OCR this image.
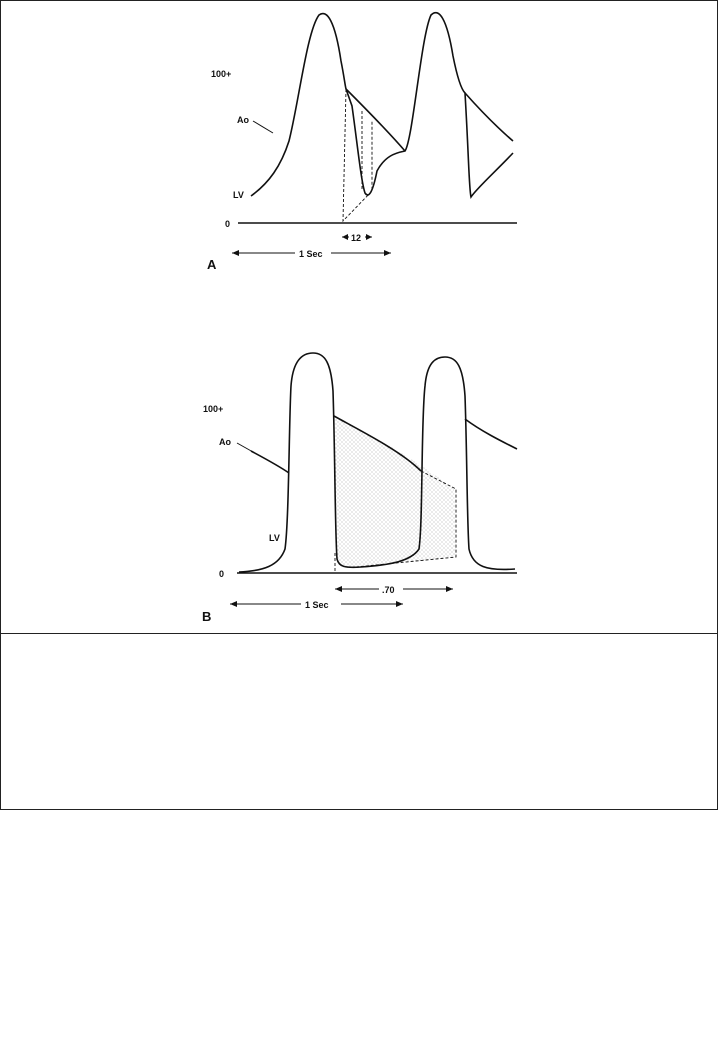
12
1 Sec
100+
Ao
LV
0
A
.70
1 Sec
100+
Ao
LV
0
B
